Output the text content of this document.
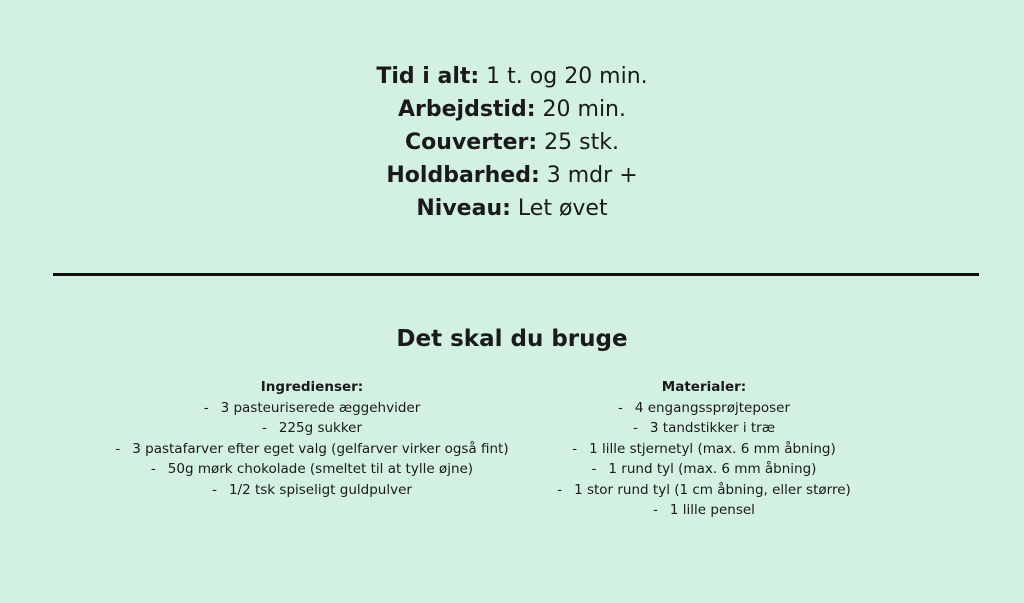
Tid i alt: 1 t. og 20 min.
Arbejdstid: 20 min.
Couverter: 25 stk.
Holdbarhed: 3 mdr +
Niveau: Let øvet
Det skal du bruge
Ingredienser:
- 3 pasteuriserede æggehvider
- 225g sukker
- 3 pastafarver efter eget valg (gelfarver virker også fint)
- 50g mørk chokolade (smeltet til at tylle øjne)
- 1/2 tsk spiseligt guldpulver
Materialer:
- 4 engangssprøjteposer
- 3 tandstikker i træ
- 1 lille stjernetyl (max. 6 mm åbning)
- 1 rund tyl (max. 6 mm åbning)
- 1 stor rund tyl (1 cm åbning, eller større)
- 1 lille pensel
